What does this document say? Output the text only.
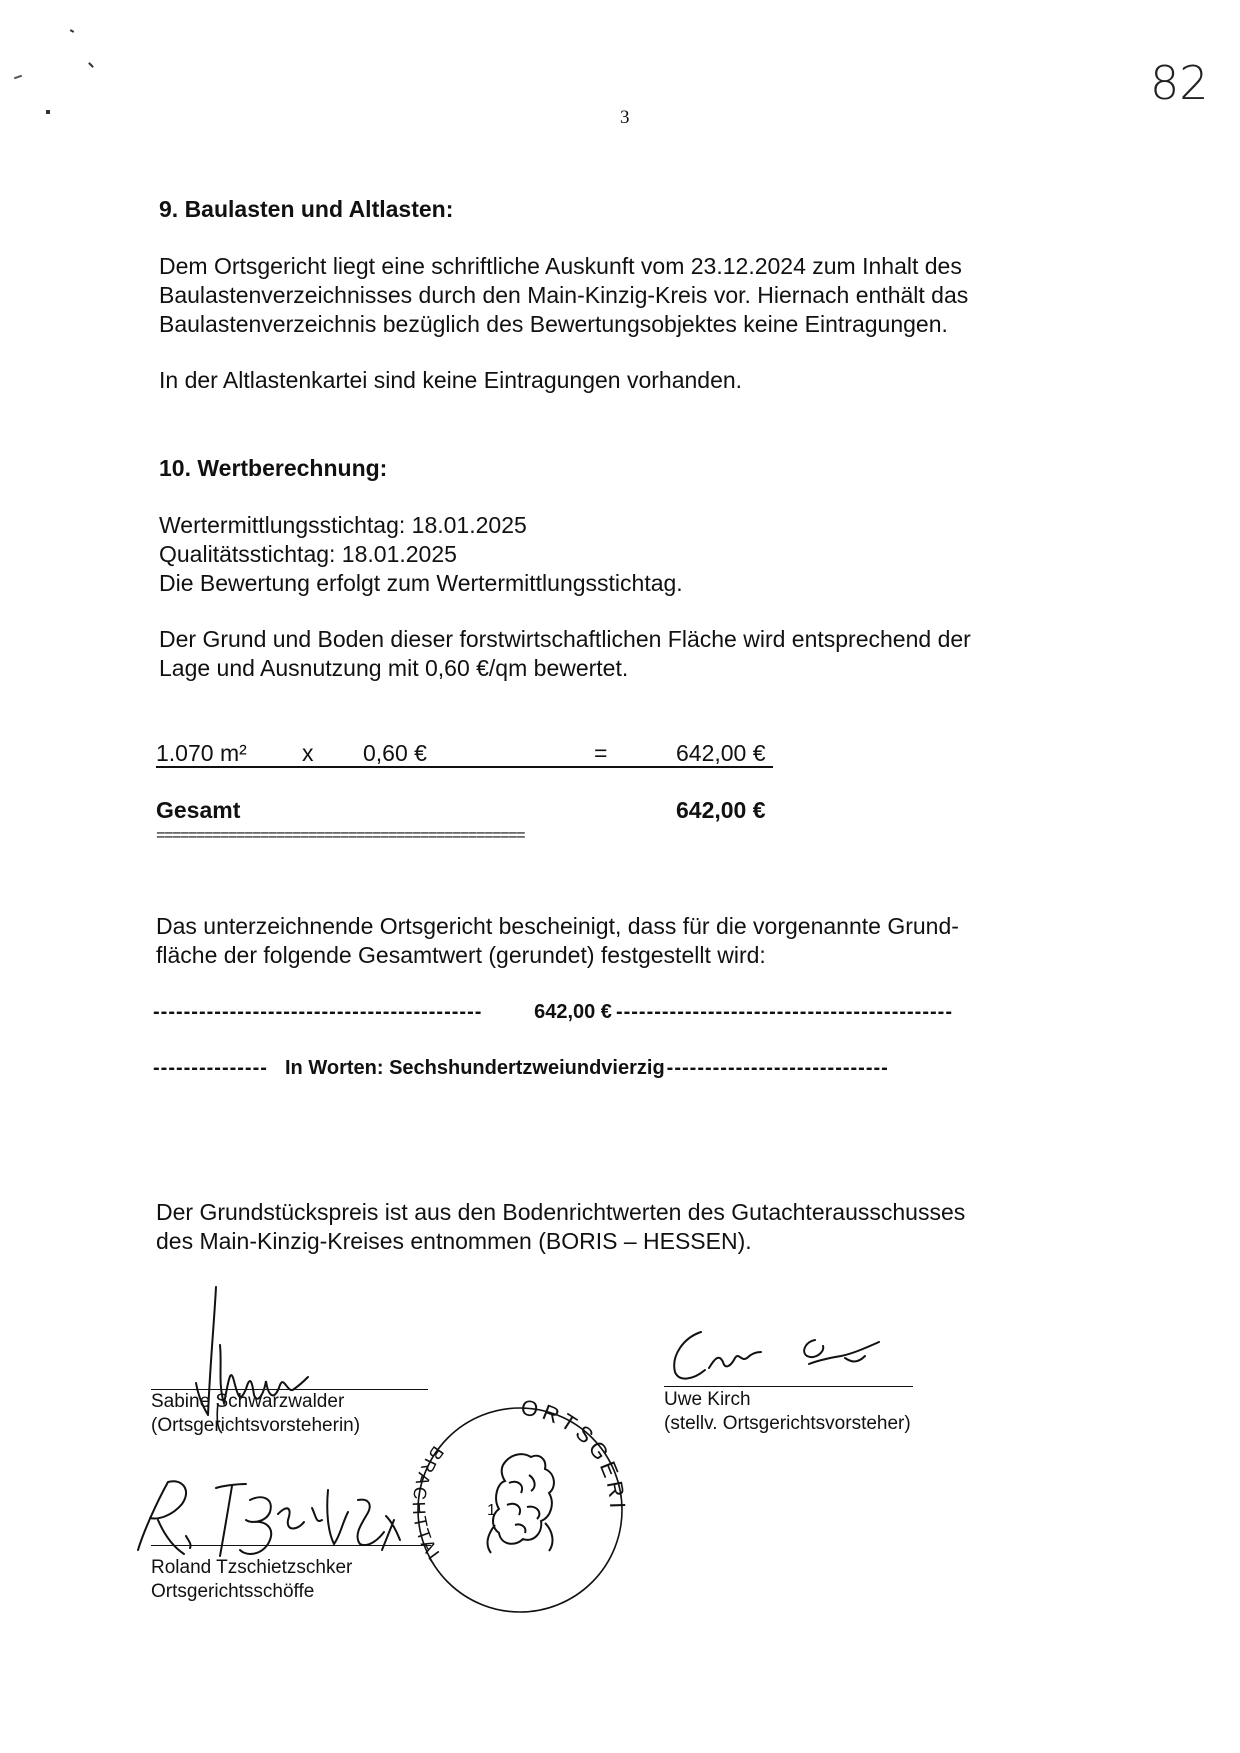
3
82
9. Baulasten und Altlasten:
Dem Ortsgericht liegt eine schriftliche Auskunft vom 23.12.2024 zum Inhalt des
Baulastenverzeichnisses durch den Main-Kinzig-Kreis vor. Hiernach enthält das
Baulastenverzeichnis bezüglich des Bewertungsobjektes keine Eintragungen.
In der Altlastenkartei sind keine Eintragungen vorhanden.
10. Wertberechnung:
Wertermittlungsstichtag: 18.01.2025
Qualitätsstichtag: 18.01.2025
Die Bewertung erfolgt zum Wertermittlungsstichtag.
Der Grund und Boden dieser forstwirtschaftlichen Fläche wird entsprechend der
Lage und Ausnutzung mit 0,60 €/qm bewertet.
1.070 m² x 0,60 €	=	642,00 €
Gesamt	642,00 €
==============================================
Das unterzeichnende Ortsgericht bescheinigt, dass für die vorgenannte Grund-
fläche der folgende Gesamtwert (gerundet) festgestellt wird:
-------------------------------------------	642,00 € --------------------------------------------
--------------- In Worten: Sechshundertzweiundvierzig -----------------------------
Der Grundstückspreis ist aus den Bodenrichtwerten des Gutachterausschusses
des Main-Kinzig-Kreises entnommen (BORIS – HESSEN).
Sabine Schwarzwalder
(Ortsgerichtsvorsteherin)
Uwe Kirch
(stellv. Ortsgerichtsvorsteher)
Roland Tzschietzschker
Ortsgerichtsschöffe
ORTSGERICHT
BRACHTTAL
1
